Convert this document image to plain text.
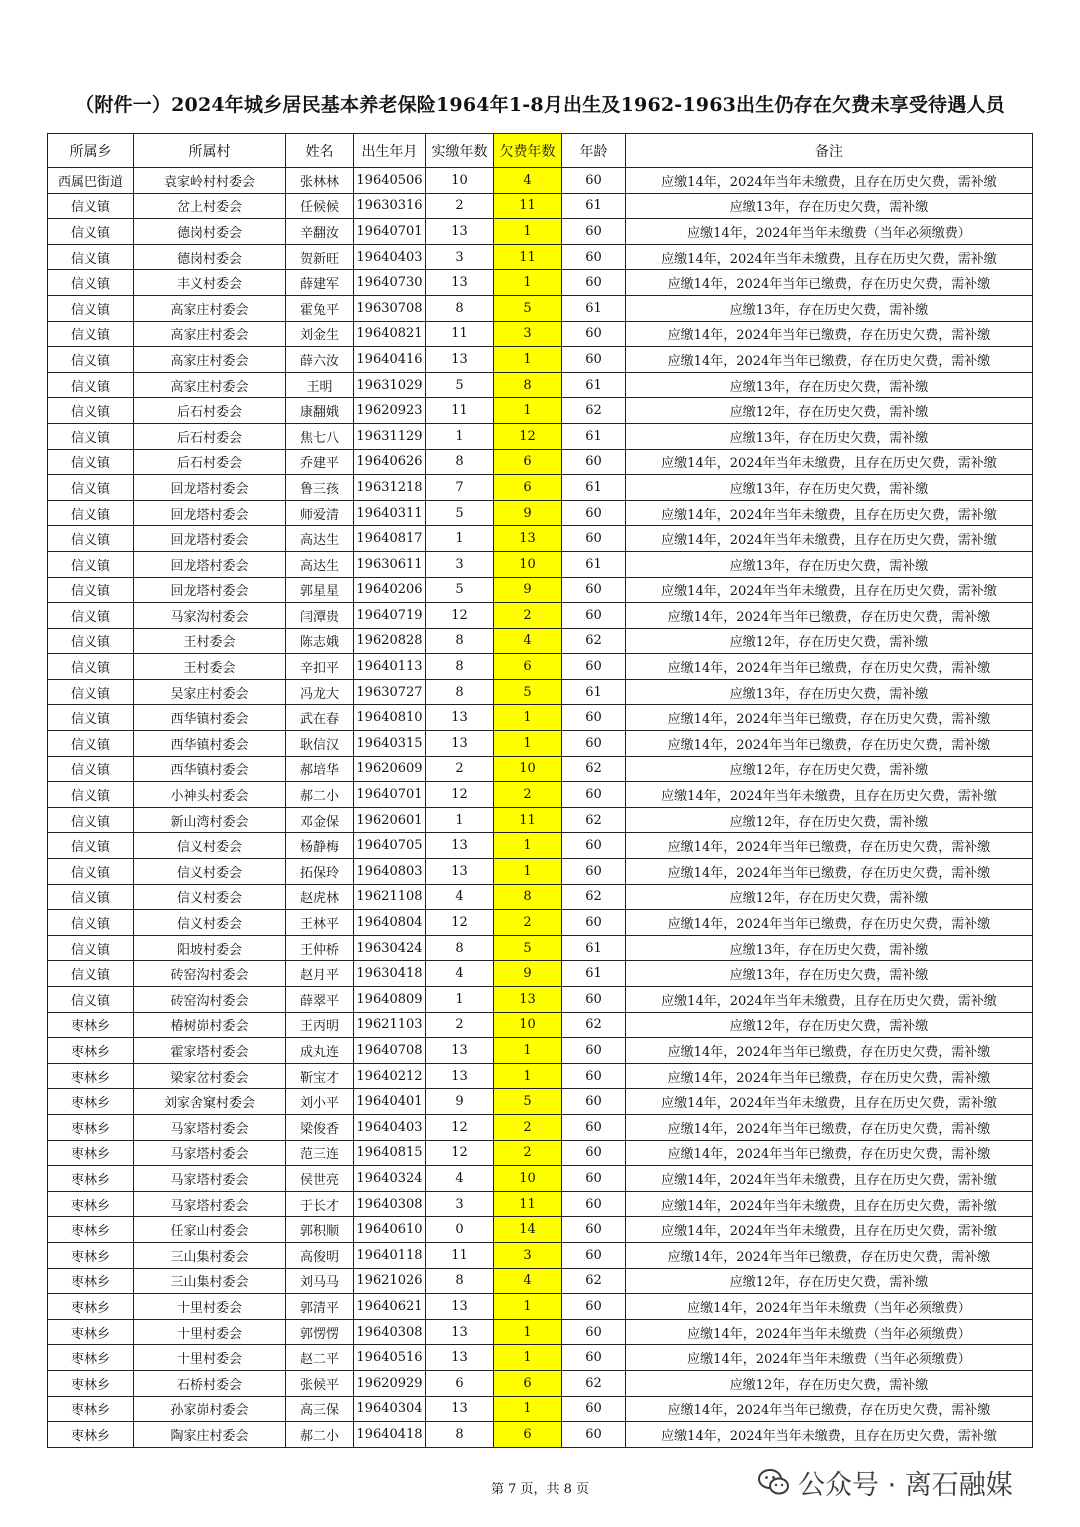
（附件一）2024年城乡居民基本养老保险1964年1-8月出生及1962-1963出生仍存在欠费未享受待遇人员
所属乡	所属村	姓名	出生年月	实缴年数	欠费年数	年龄	备注
西属巴街道	袁家岭村村委会	张林林	19640506	10	4	60	应缴14年，2024年当年未缴费，且存在历史欠费，需补缴
信义镇	岔上村委会	任候候	19630316	2	11	61	应缴13年，存在历史欠费，需补缴
信义镇	德岗村委会	辛翻汝	19640701	13	1	60	应缴14年，2024年当年未缴费（当年必须缴费）
信义镇	德岗村委会	贺新旺	19640403	3	11	60	应缴14年，2024年当年未缴费，且存在历史欠费，需补缴
信义镇	丰义村委会	薛建军	19640730	13	1	60	应缴14年，2024年当年已缴费，存在历史欠费，需补缴
信义镇	高家庄村委会	霍兔平	19630708	8	5	61	应缴13年，存在历史欠费，需补缴
信义镇	高家庄村委会	刘金生	19640821	11	3	60	应缴14年，2024年当年已缴费，存在历史欠费，需补缴
信义镇	高家庄村委会	薛六汝	19640416	13	1	60	应缴14年，2024年当年已缴费，存在历史欠费，需补缴
信义镇	高家庄村委会	王明	19631029	5	8	61	应缴13年，存在历史欠费，需补缴
信义镇	后石村委会	康翻娥	19620923	11	1	62	应缴12年，存在历史欠费，需补缴
信义镇	后石村委会	焦七八	19631129	1	12	61	应缴13年，存在历史欠费，需补缴
信义镇	后石村委会	乔建平	19640626	8	6	60	应缴14年，2024年当年未缴费，且存在历史欠费，需补缴
信义镇	回龙塔村委会	鲁三孩	19631218	7	6	61	应缴13年，存在历史欠费，需补缴
信义镇	回龙塔村委会	师爱清	19640311	5	9	60	应缴14年，2024年当年未缴费，且存在历史欠费，需补缴
信义镇	回龙塔村委会	高达生	19640817	1	13	60	应缴14年，2024年当年未缴费，且存在历史欠费，需补缴
信义镇	回龙塔村委会	高达生	19630611	3	10	61	应缴13年，存在历史欠费，需补缴
信义镇	回龙塔村委会	郭星星	19640206	5	9	60	应缴14年，2024年当年未缴费，且存在历史欠费，需补缴
信义镇	马家沟村委会	闫潭贵	19640719	12	2	60	应缴14年，2024年当年已缴费，存在历史欠费，需补缴
信义镇	王村委会	陈志娥	19620828	8	4	62	应缴12年，存在历史欠费，需补缴
信义镇	王村委会	辛扣平	19640113	8	6	60	应缴14年，2024年当年已缴费，存在历史欠费，需补缴
信义镇	吴家庄村委会	冯龙大	19630727	8	5	61	应缴13年，存在历史欠费，需补缴
信义镇	西华镇村委会	武在春	19640810	13	1	60	应缴14年，2024年当年已缴费，存在历史欠费，需补缴
信义镇	西华镇村委会	耿信汉	19640315	13	1	60	应缴14年，2024年当年已缴费，存在历史欠费，需补缴
信义镇	西华镇村委会	郝培华	19620609	2	10	62	应缴12年，存在历史欠费，需补缴
信义镇	小神头村委会	郝二小	19640701	12	2	60	应缴14年，2024年当年未缴费，且存在历史欠费，需补缴
信义镇	新山湾村委会	邓金保	19620601	1	11	62	应缴12年，存在历史欠费，需补缴
信义镇	信义村委会	杨静梅	19640705	13	1	60	应缴14年，2024年当年已缴费，存在历史欠费，需补缴
信义镇	信义村委会	拓保玲	19640803	13	1	60	应缴14年，2024年当年已缴费，存在历史欠费，需补缴
信义镇	信义村委会	赵虎林	19621108	4	8	62	应缴12年，存在历史欠费，需补缴
信义镇	信义村委会	王林平	19640804	12	2	60	应缴14年，2024年当年已缴费，存在历史欠费，需补缴
信义镇	阳坡村委会	王仲桥	19630424	8	5	61	应缴13年，存在历史欠费，需补缴
信义镇	砖窑沟村委会	赵月平	19630418	4	9	61	应缴13年，存在历史欠费，需补缴
信义镇	砖窑沟村委会	薛翠平	19640809	1	13	60	应缴14年，2024年当年未缴费，且存在历史欠费，需补缴
枣林乡	椿树峁村委会	王丙明	19621103	2	10	62	应缴12年，存在历史欠费，需补缴
枣林乡	霍家塔村委会	成丸连	19640708	13	1	60	应缴14年，2024年当年已缴费，存在历史欠费，需补缴
枣林乡	梁家岔村委会	靳宝才	19640212	13	1	60	应缴14年，2024年当年已缴费，存在历史欠费，需补缴
枣林乡	刘家舍窠村委会	刘小平	19640401	9	5	60	应缴14年，2024年当年未缴费，且存在历史欠费，需补缴
枣林乡	马家塔村委会	梁俊香	19640403	12	2	60	应缴14年，2024年当年已缴费，存在历史欠费，需补缴
枣林乡	马家塔村委会	范三连	19640815	12	2	60	应缴14年，2024年当年已缴费，存在历史欠费，需补缴
枣林乡	马家塔村委会	侯世亮	19640324	4	10	60	应缴14年，2024年当年未缴费，且存在历史欠费，需补缴
枣林乡	马家塔村委会	于长才	19640308	3	11	60	应缴14年，2024年当年未缴费，且存在历史欠费，需补缴
枣林乡	任家山村委会	郭积顺	19640610	0	14	60	应缴14年，2024年当年未缴费，且存在历史欠费，需补缴
枣林乡	三山集村委会	高俊明	19640118	11	3	60	应缴14年，2024年当年已缴费，存在历史欠费，需补缴
枣林乡	三山集村委会	刘马马	19621026	8	4	62	应缴12年，存在历史欠费，需补缴
枣林乡	十里村委会	郭清平	19640621	13	1	60	应缴14年，2024年当年未缴费（当年必须缴费）
枣林乡	十里村委会	郭愣愣	19640308	13	1	60	应缴14年，2024年当年未缴费（当年必须缴费）
枣林乡	十里村委会	赵二平	19640516	13	1	60	应缴14年，2024年当年未缴费（当年必须缴费）
枣林乡	石桥村委会	张候平	19620929	6	6	62	应缴12年，存在历史欠费，需补缴
枣林乡	孙家峁村委会	高三保	19640304	13	1	60	应缴14年，2024年当年已缴费，存在历史欠费，需补缴
枣林乡	陶家庄村委会	郝二小	19640418	8	6	60	应缴14年，2024年当年未缴费，且存在历史欠费，需补缴
第 7 页，共 8 页	公众号 · 离石融媒
